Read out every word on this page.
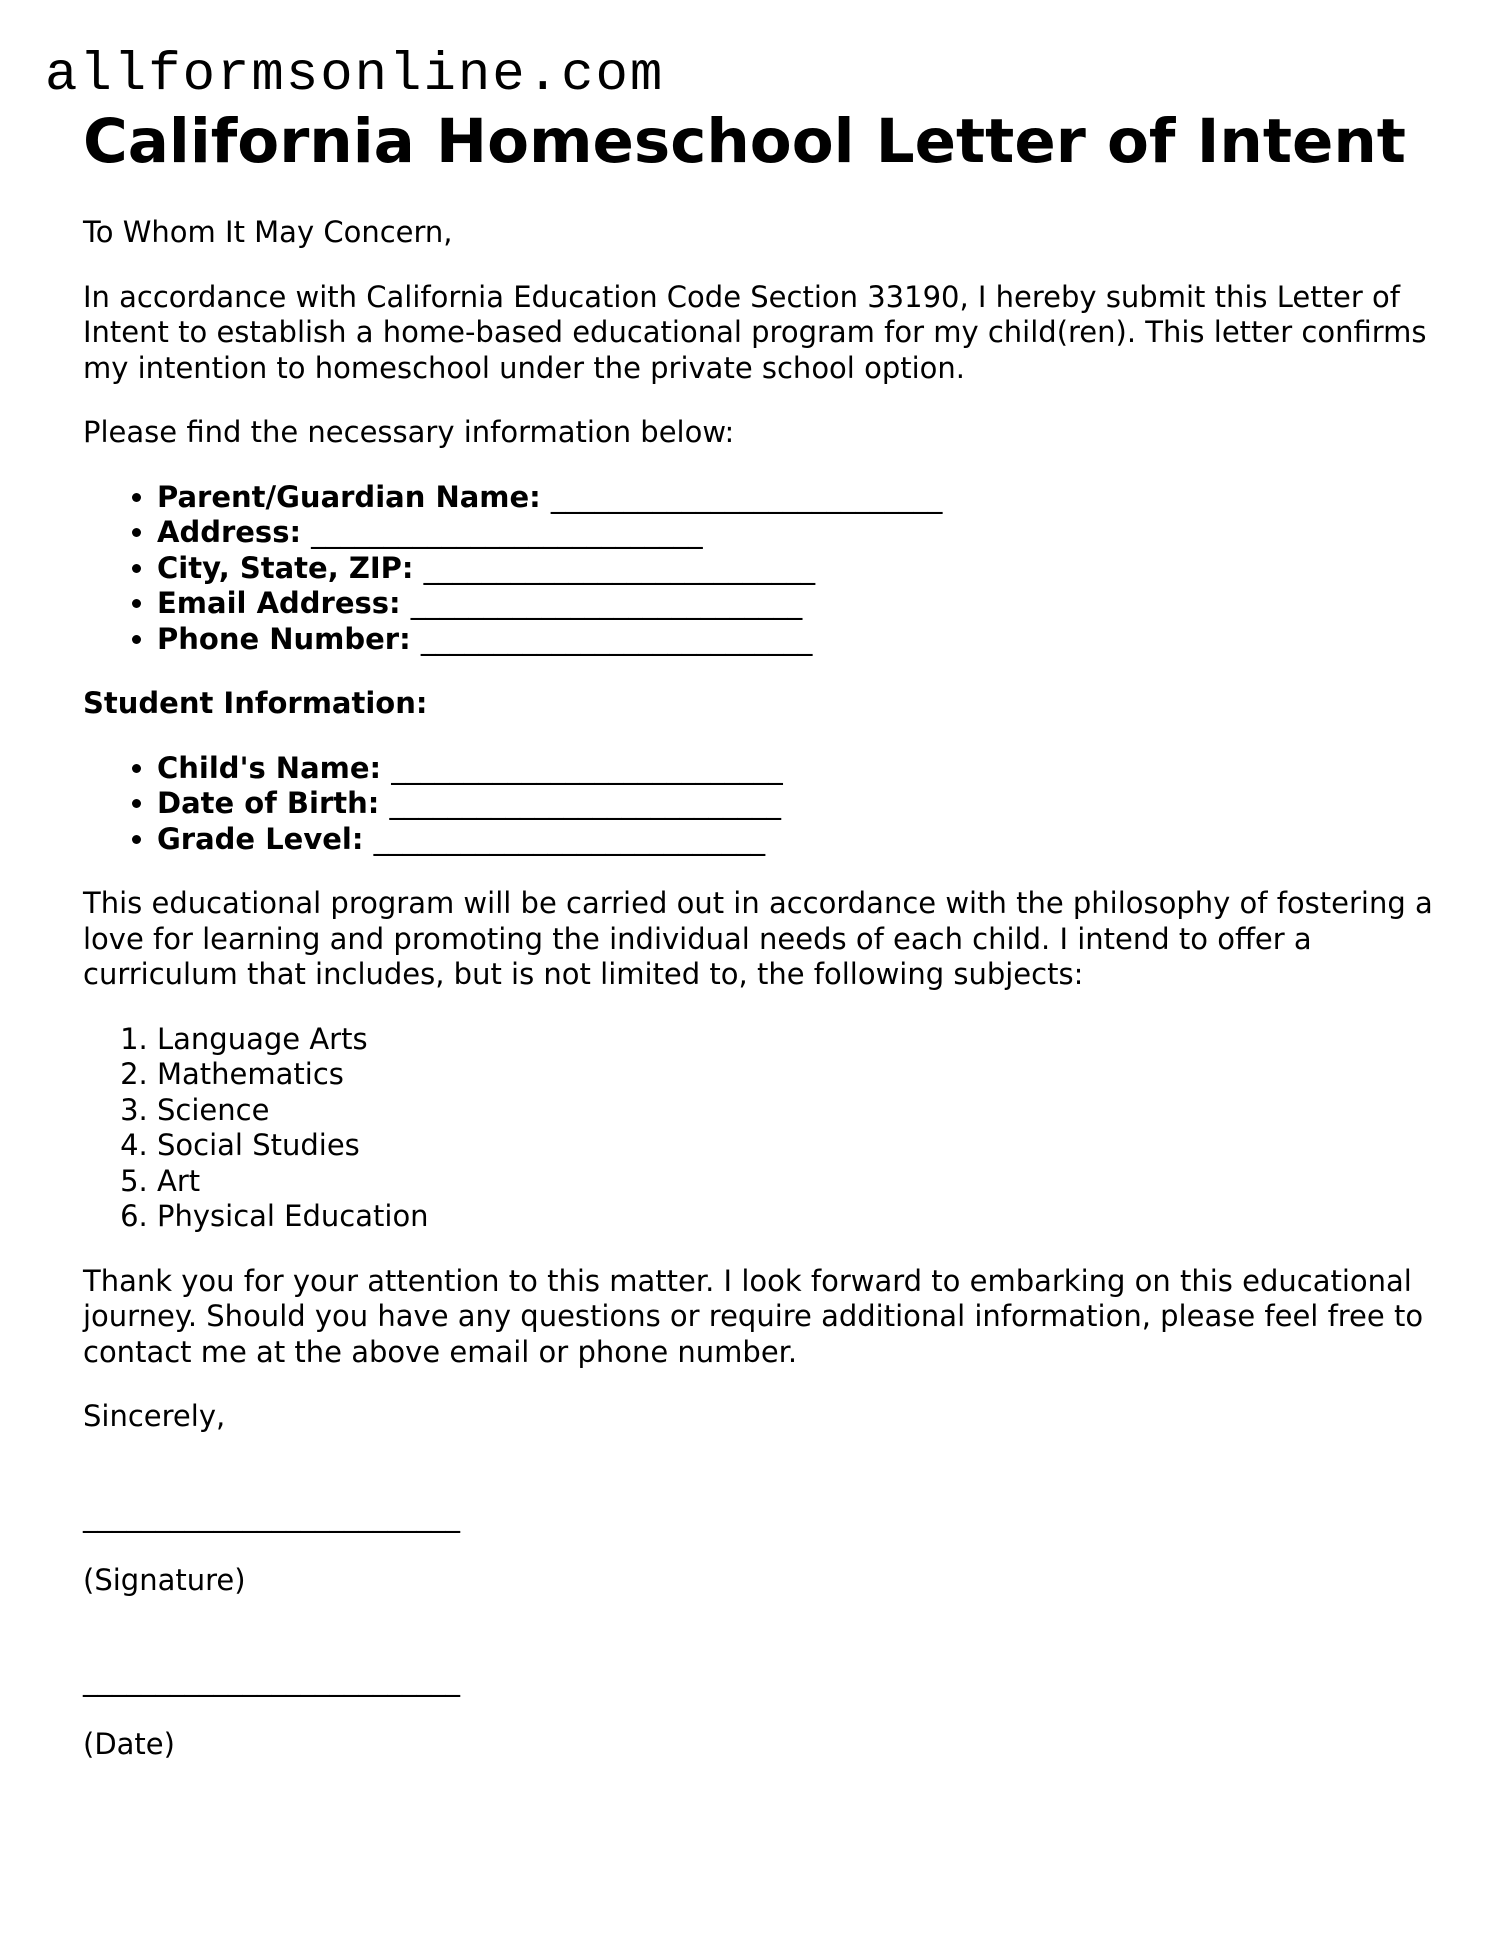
allformsonline.com
California Homeschool Letter of Intent

To Whom It May Concern,

In accordance with California Education Code Section 33190, I hereby submit this Letter of Intent to establish a home-based educational program for my child(ren). This letter confirms my intention to homeschool under the private school option.

Please find the necessary information below:

• Parent/Guardian Name: ___________________________
• Address: ___________________________
• City, State, ZIP: ___________________________
• Email Address: ___________________________
• Phone Number: ___________________________

Student Information:

• Child's Name: ___________________________
• Date of Birth: ___________________________
• Grade Level: ___________________________

This educational program will be carried out in accordance with the philosophy of fostering a love for learning and promoting the individual needs of each child. I intend to offer a curriculum that includes, but is not limited to, the following subjects:

1. Language Arts
2. Mathematics
3. Science
4. Social Studies
5. Art
6. Physical Education

Thank you for your attention to this matter. I look forward to embarking on this educational journey. Should you have any questions or require additional information, please feel free to contact me at the above email or phone number.

Sincerely,

__________________________

(Signature)

__________________________

(Date)
